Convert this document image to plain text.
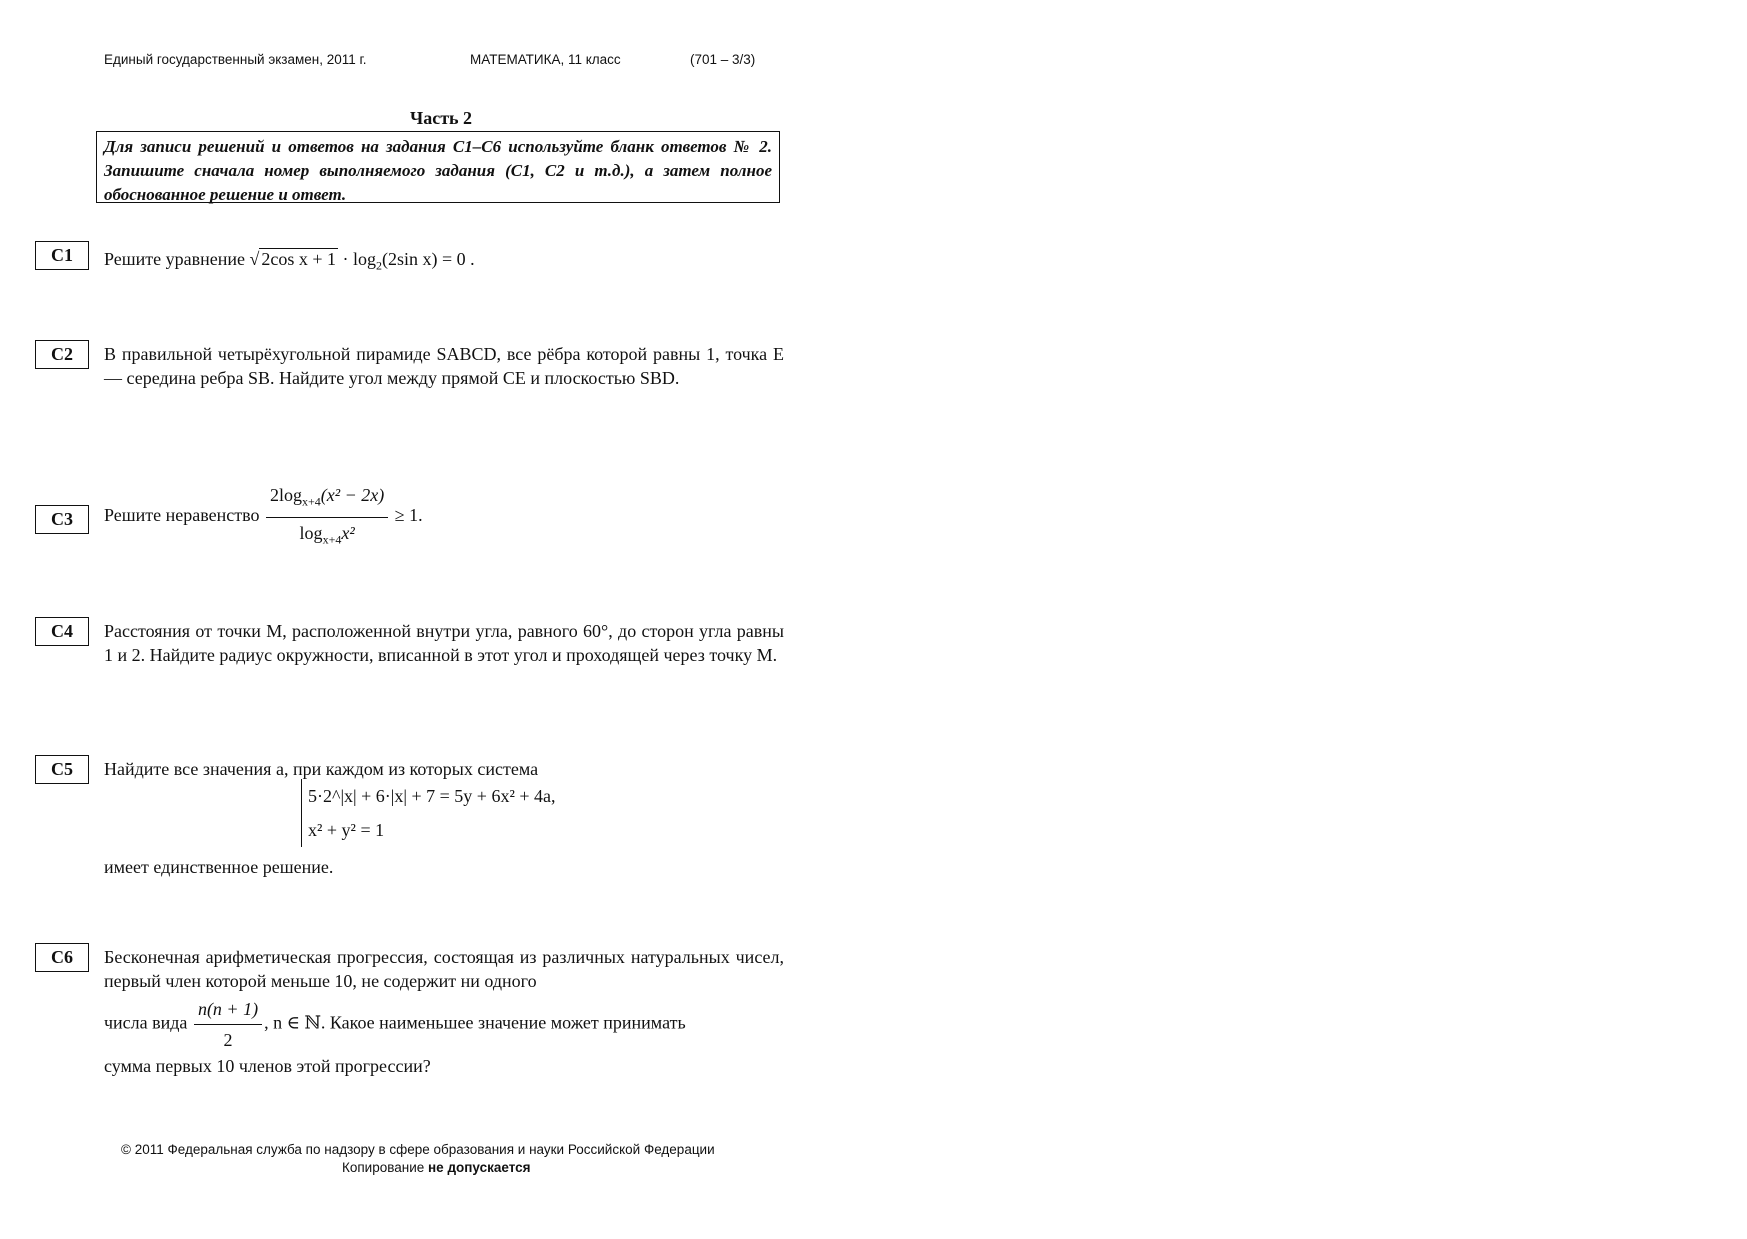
Единый государственный экзамен, 2011 г.	МАТЕМАТИКА, 11 класс	(701 – 3/3)
Часть 2
Для записи решений и ответов на задания С1–С6 используйте бланк ответов № 2. Запишите сначала номер выполняемого задания (С1, С2 и т.д.), а затем полное обоснованное решение и ответ.
С1	Решите уравнение √ 2cos $x + 1 \cdot \log_2(2\sin$ x) = 0 .
С2	В правильной четырёхугольной пирамиде SABCD, все рёбра которой равны 1, точка E — середина ребра SB. Найдите угол между прямой CE и плоскостью SBD.
С3	Решите неравенство $\frac{2\log_{x+4}(x^2 - 2x)}{\log_{x+4}x^2} \ge 1$.
С4	Расстояния от точки M, расположенной внутри угла, равного 60°, до сторон угла равны 1 и 2. Найдите радиус окружности, вписанной в этот угол и проходящей через точку M.
С5	Найдите все значения a, при каждом из которых система
5·2^|x| + 6·|x| + 7 = 5y + 6x² + 4a,
x² + y² = 1
имеет единственное решение.
С6	Бесконечная арифметическая прогрессия, состоящая из различных натуральных чисел, первый член которой меньше 10, не содержит ни одного
числа вида $\frac{n(n + 1)}{2}$ , n ∈ ℕ. Какое наименьшее значение может принимать
сумма первых 10 членов этой прогрессии?
© 2011 Федеральная служба по надзору в сфере образования и науки Российской Федерации
Копирование не допускается
